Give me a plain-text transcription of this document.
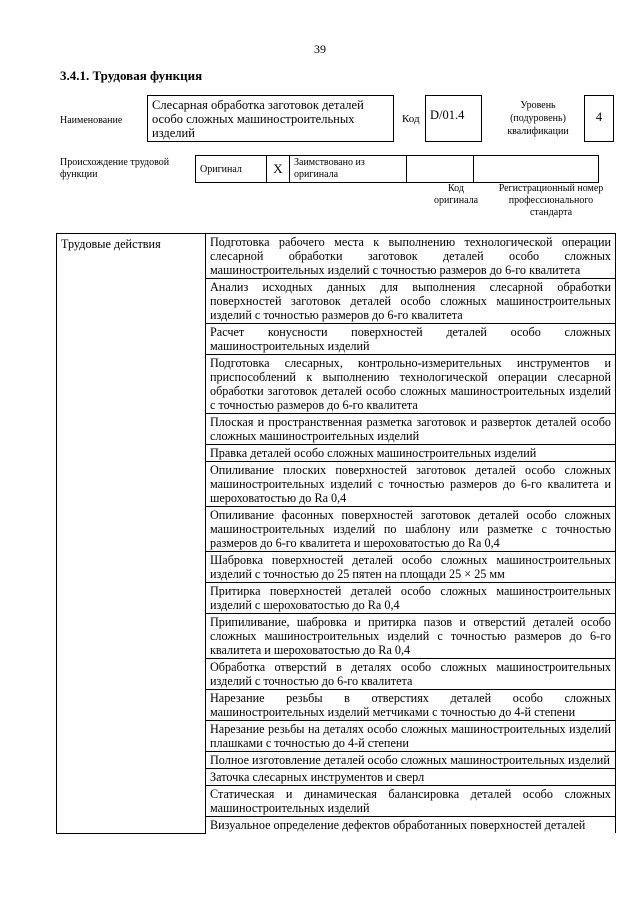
39
3.4.1. Трудовая функция
Наименование
Слесарная обработка заготовок деталей особо сложных машиностроительных изделий
Код D/01.4
Уровень (подуровень) квалификации
4
Происхождение трудовой функции	Оригинал	X	Заимствовано из оригинала		
Код оригинала
Регистрационный номер профессионального стандарта
Трудовые действия	Подготовка рабочего места к выполнению технологической операции слесарной обработки заготовок деталей особо сложных машиностроительных изделий с точностью размеров до 6-го квалитета
Анализ исходных данных для выполнения слесарной обработки поверхностей заготовок деталей особо сложных машиностроительных изделий с точностью размеров до 6-го квалитета
Расчет конусности поверхностей деталей особо сложных машиностроительных изделий
Подготовка слесарных, контрольно-измерительных инструментов и приспособлений к выполнению технологической операции слесарной обработки заготовок деталей особо сложных машиностроительных изделий с точностью размеров до 6-го квалитета
Плоская и пространственная разметка заготовок и разверток деталей особо сложных машиностроительных изделий
Правка деталей особо сложных машиностроительных изделий
Опиливание плоских поверхностей заготовок деталей особо сложных машиностроительных изделий с точностью размеров до 6-го квалитета и шероховатостью до Ra 0,4
Опиливание фасонных поверхностей заготовок деталей особо сложных машиностроительных изделий по шаблону или разметке с точностью размеров до 6-го квалитета и шероховатостью до Ra 0,4
Шабровка поверхностей деталей особо сложных машиностроительных изделий с точностью до 25 пятен на площади 25 × 25 мм
Притирка поверхностей деталей особо сложных машиностроительных изделий с шероховатостью до Ra 0,4
Припиливание, шабровка и притирка пазов и отверстий деталей особо сложных машиностроительных изделий с точностью размеров до 6-го квалитета и шероховатостью до Ra 0,4
Обработка отверстий в деталях особо сложных машиностроительных изделий с точностью до 6-го квалитета
Нарезание резьбы в отверстиях деталей особо сложных машиностроительных изделий метчиками с точностью до 4-й степени
Нарезание резьбы на деталях особо сложных машиностроительных изделий плашками с точностью до 4-й степени
Полное изготовление деталей особо сложных машиностроительных изделий
Заточка слесарных инструментов и сверл
Статическая и динамическая балансировка деталей особо сложных машиностроительных изделий
Визуальное определение дефектов обработанных поверхностей деталей
